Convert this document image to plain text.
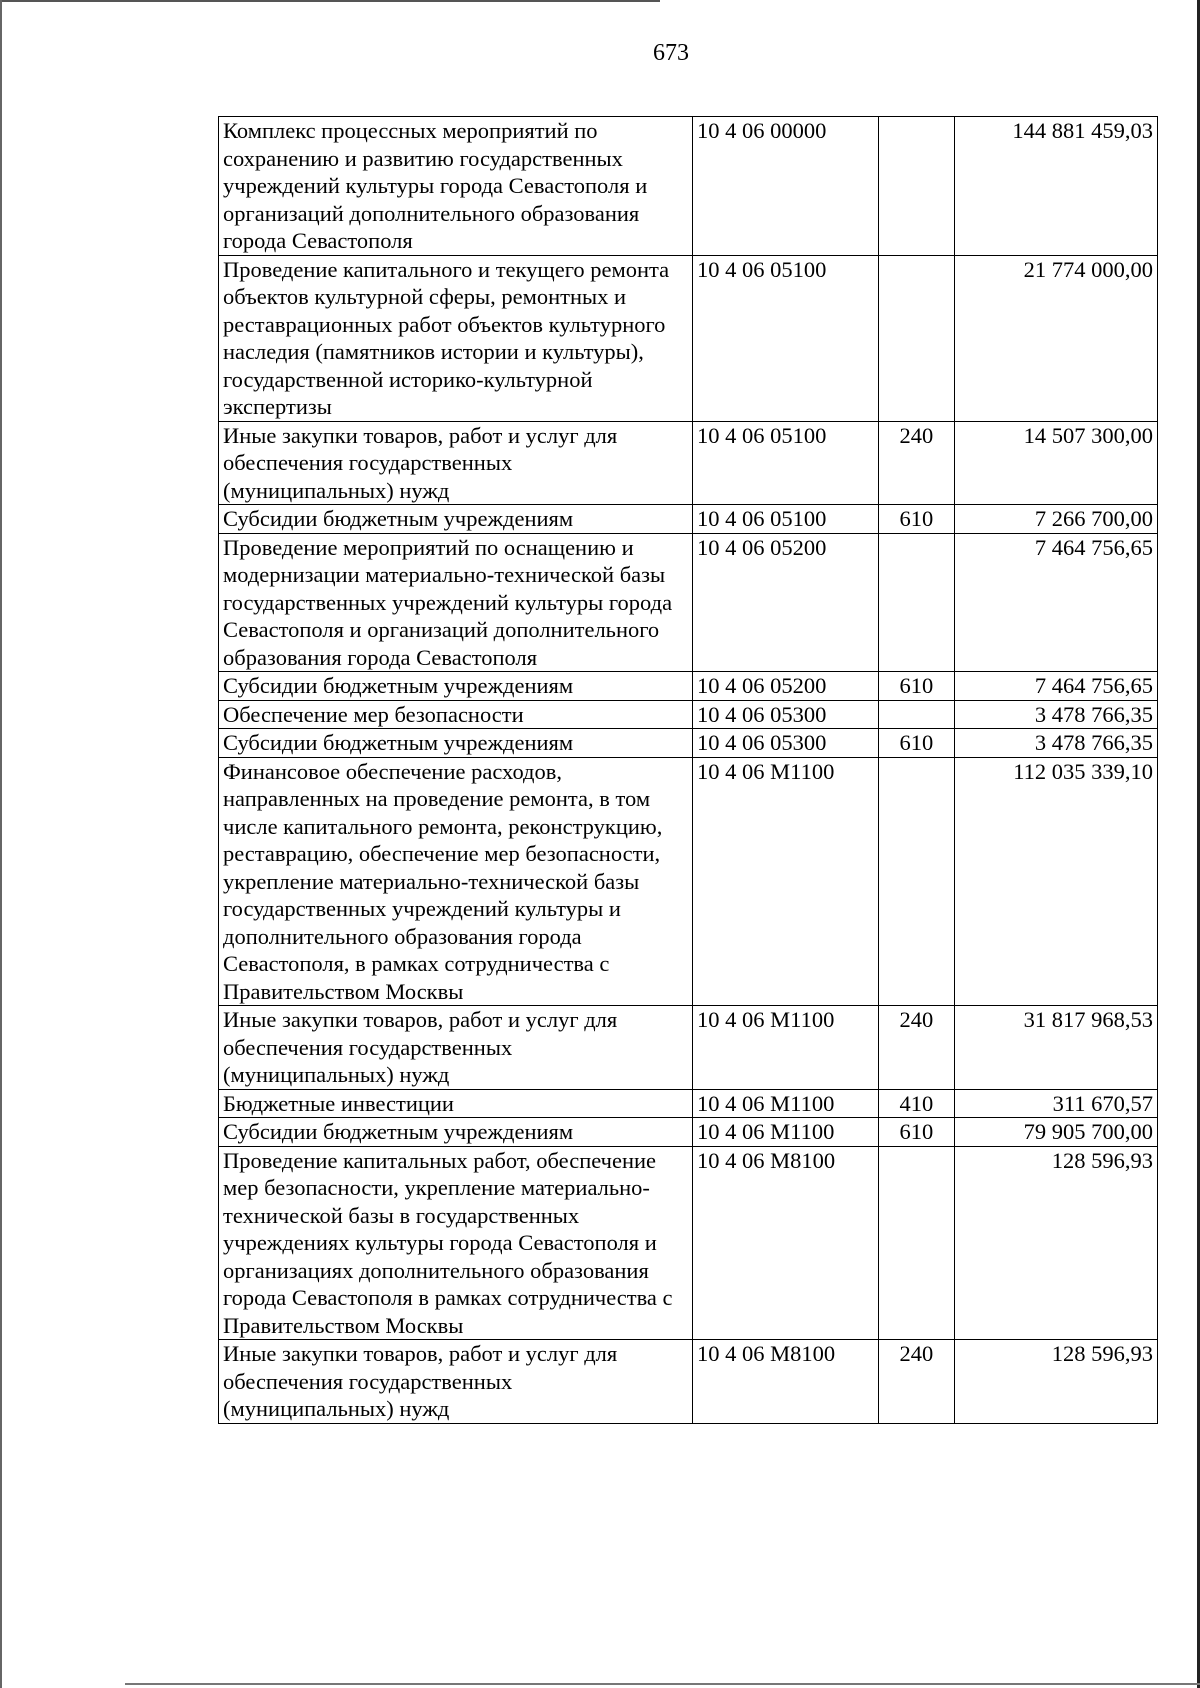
673
Комплекс процессных мероприятий по сохранению и развитию государственных учреждений культуры города Севастополя и организаций дополнительного образования города Севастополя	10 4 06 00000		144 881 459,03
Проведение капитального и текущего ремонта объектов культурной сферы, ремонтных и реставрационных работ объектов культурного наследия (памятников истории и культуры), государственной историко-культурной экспертизы	10 4 06 05100		21 774 000,00
Иные закупки товаров, работ и услуг для обеспечения государственных (муниципальных) нужд	10 4 06 05100	240	14 507 300,00
Субсидии бюджетным учреждениям	10 4 06 05100	610	7 266 700,00
Проведение мероприятий по оснащению и модернизации материально-технической базы государственных учреждений культуры города Севастополя и организаций дополнительного образования города Севастополя	10 4 06 05200		7 464 756,65
Субсидии бюджетным учреждениям	10 4 06 05200	610	7 464 756,65
Обеспечение мер безопасности	10 4 06 05300		3 478 766,35
Субсидии бюджетным учреждениям	10 4 06 05300	610	3 478 766,35
Финансовое обеспечение расходов, направленных на проведение ремонта, в том числе капитального ремонта, реконструкцию, реставрацию, обеспечение мер безопасности, укрепление материально-технической базы государственных учреждений культуры и дополнительного образования города Севастополя, в рамках сотрудничества с Правительством Москвы	10 4 06 М1100		112 035 339,10
Иные закупки товаров, работ и услуг для обеспечения государственных (муниципальных) нужд	10 4 06 М1100	240	31 817 968,53
Бюджетные инвестиции	10 4 06 М1100	410	311 670,57
Субсидии бюджетным учреждениям	10 4 06 М1100	610	79 905 700,00
Проведение капитальных работ, обеспечение мер безопасности, укрепление материально-технической базы в государственных учреждениях культуры города Севастополя и организациях дополнительного образования города Севастополя в рамках сотрудничества с Правительством Москвы	10 4 06 М8100		128 596,93
Иные закупки товаров, работ и услуг для обеспечения государственных (муниципальных) нужд	10 4 06 М8100	240	128 596,93
